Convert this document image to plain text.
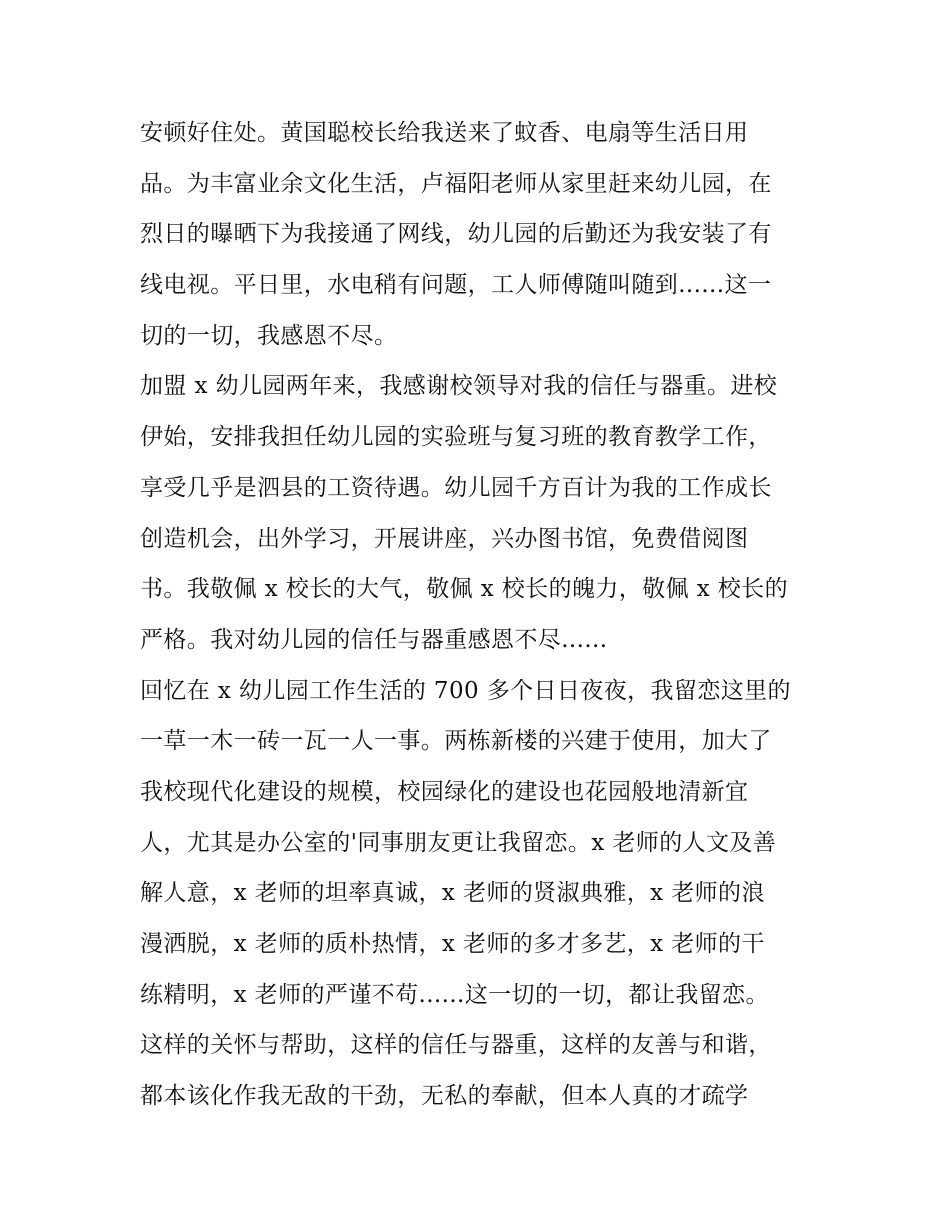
安顿好住处。黄国聪校长给我送来了蚊香、电扇等生活日用
品。为丰富业余文化生活，卢福阳老师从家里赶来幼儿园，在
烈日的曝晒下为我接通了网线，幼儿园的后勤还为我安装了有
线电视。平日里，水电稍有问题，工人师傅随叫随到......这一
切的一切，我感恩不尽。
加盟 x 幼儿园两年来，我感谢校领导对我的信任与器重。进校
伊始，安排我担任幼儿园的实验班与复习班的教育教学工作，
享受几乎是泗县的工资待遇。幼儿园千方百计为我的工作成长
创造机会，出外学习，开展讲座，兴办图书馆，免费借阅图
书。我敬佩 x 校长的大气，敬佩 x 校长的魄力，敬佩 x 校长的
严格。我对幼儿园的信任与器重感恩不尽......
回忆在 x 幼儿园工作生活的 700 多个日日夜夜，我留恋这里的
一草一木一砖一瓦一人一事。两栋新楼的兴建于使用，加大了
我校现代化建设的规模，校园绿化的建设也花园般地清新宜
人，尤其是办公室的'同事朋友更让我留恋。x 老师的人文及善
解人意，x 老师的坦率真诚，x 老师的贤淑典雅，x 老师的浪
漫洒脱，x 老师的质朴热情，x 老师的多才多艺，x 老师的干
练精明，x 老师的严谨不苟......这一切的一切，都让我留恋。
这样的关怀与帮助，这样的信任与器重，这样的友善与和谐，
都本该化作我无敌的干劲，无私的奉献，但本人真的才疏学
